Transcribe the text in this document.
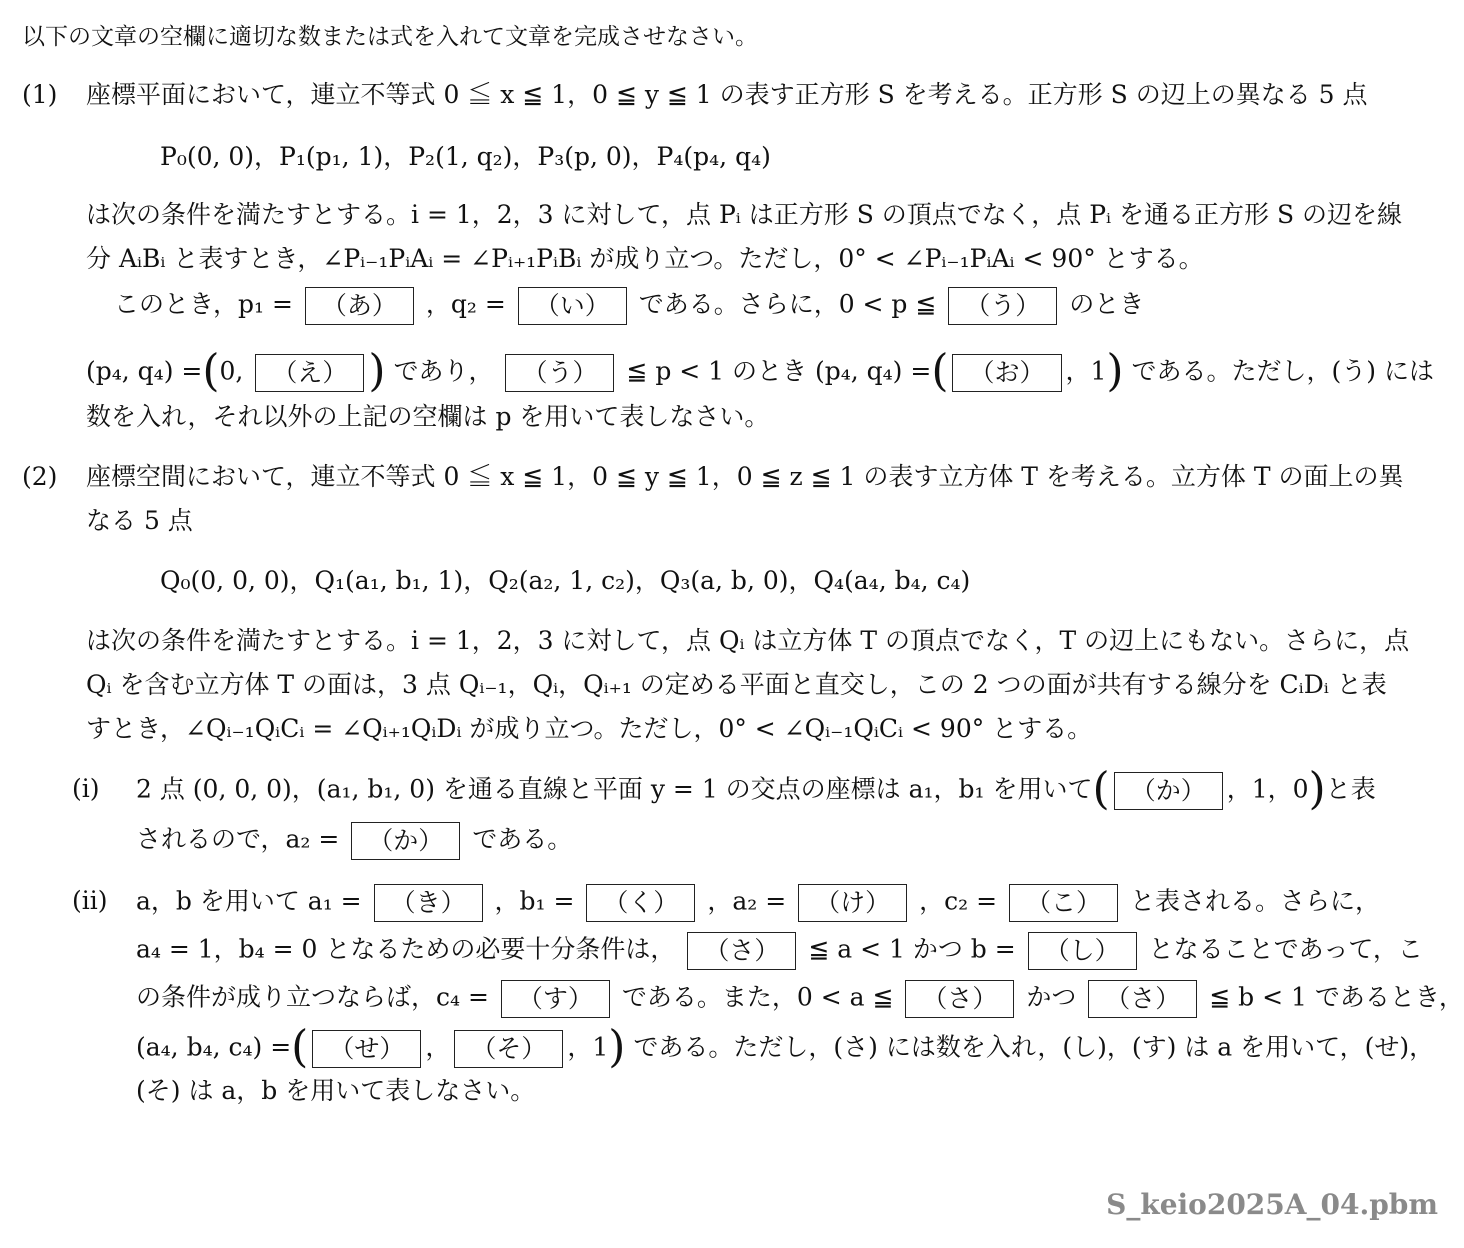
以下の文章の空欄に適切な数または式を入れて文章を完成させなさい。
(1) 座標平面において，連立不等式 0 ≦ x ≦ 1，0 ≦ y ≦ 1 の表す正方形 S を考える。正方形 S の辺上の異なる 5 点
P₀(0, 0)，P₁(p₁, 1)，P₂(1, q₂)，P₃(p, 0)，P₄(p₄, q₄)
は次の条件を満たすとする。i = 1，2，3 に対して，点 Pᵢ は正方形 S の頂点でなく，点 Pᵢ を通る正方形 S の辺を線
分 AᵢBᵢ と表すとき，∠Pᵢ₋₁PᵢAᵢ = ∠Pᵢ₊₁PᵢBᵢ が成り立つ。ただし，0° < ∠Pᵢ₋₁PᵢAᵢ < 90° とする。
このとき，p₁ = （あ） ，q₂ = （い） である。さらに，0 < p ≦ （う） のとき
(p₄, q₄) =(0, （え） ) であり， （う） ≦ p < 1 のとき (p₄, q₄) =( （お） ，1) である。ただし，(う) には
数を入れ，それ以外の上記の空欄は p を用いて表しなさい。
(2) 座標空間において，連立不等式 0 ≦ x ≦ 1，0 ≦ y ≦ 1，0 ≦ z ≦ 1 の表す立方体 T を考える。立方体 T の面上の異
なる 5 点
Q₀(0, 0, 0)，Q₁(a₁, b₁, 1)，Q₂(a₂, 1, c₂)，Q₃(a, b, 0)，Q₄(a₄, b₄, c₄)
は次の条件を満たすとする。i = 1，2，3 に対して，点 Qᵢ は立方体 T の頂点でなく，T の辺上にもない。さらに，点
Qᵢ を含む立方体 T の面は，3 点 Qᵢ₋₁，Qᵢ，Qᵢ₊₁ の定める平面と直交し，この 2 つの面が共有する線分を CᵢDᵢ と表
すとき，∠Qᵢ₋₁QᵢCᵢ = ∠Qᵢ₊₁QᵢDᵢ が成り立つ。ただし，0° < ∠Qᵢ₋₁QᵢCᵢ < 90° とする。
(i) 2 点 (0, 0, 0)，(a₁, b₁, 0) を通る直線と平面 y = 1 の交点の座標は a₁，b₁ を用いて( （か） ，1，0)と表
されるので，a₂ = （か） である。
(ii) a，b を用いて a₁ = （き） ，b₁ = （く） ，a₂ = （け） ，c₂ = （こ） と表される。さらに，
a₄ = 1，b₄ = 0 となるための必要十分条件は， （さ） ≦ a < 1 かつ b = （し） となることであって，こ
の条件が成り立つならば，c₄ = （す） である。また，0 < a ≦ （さ） かつ （さ） ≦ b < 1 であるとき，
(a₄, b₄, c₄) =( （せ） ， （そ） ，1) である。ただし，(さ) には数を入れ，(し)，(す) は a を用いて，(せ)，
(そ) は a，b を用いて表しなさい。
S_keio2025A_04.pbm
